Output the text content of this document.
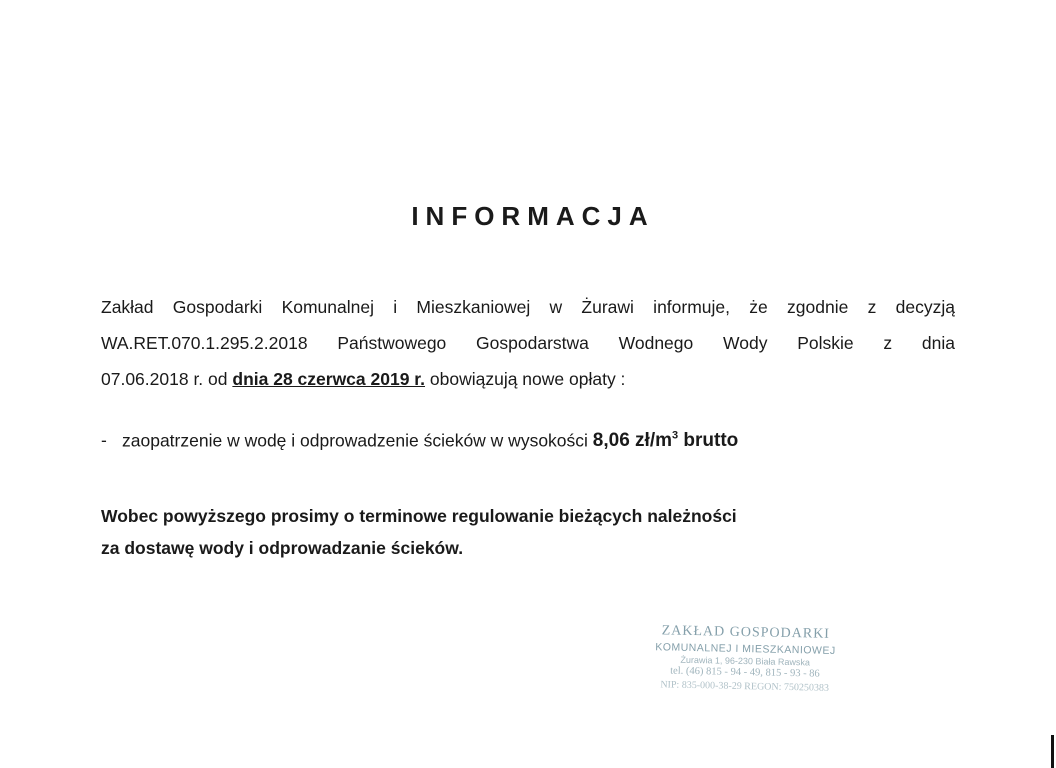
INFORMACJA
Zakład Gospodarki Komunalnej i Mieszkaniowej w Żurawi informuje, że zgodnie z decyzją
WA.RET.070.1.295.2.2018 Państwowego Gospodarstwa Wodnego Wody Polskie z dnia
07.06.2018 r. od dnia 28 czerwca 2019 r. obowiązują nowe opłaty :
- zaopatrzenie w wodę i odprowadzenie ścieków w wysokości 8,06 $zł/m^3$ brutto
Wobec powyższego prosimy o terminowe regulowanie bieżących należności
za dostawę wody i odprowadzanie ścieków.
ZAKŁAD GOSPODARKI
KOMUNALNEJ I MIESZKANIOWEJ
Żurawia 1, 96-230 Biała Rawska
tel. (46) 815 - 94 - 49, 815 - 93 - 86
NIP: 835-000-38-29 REGON: 750250383
